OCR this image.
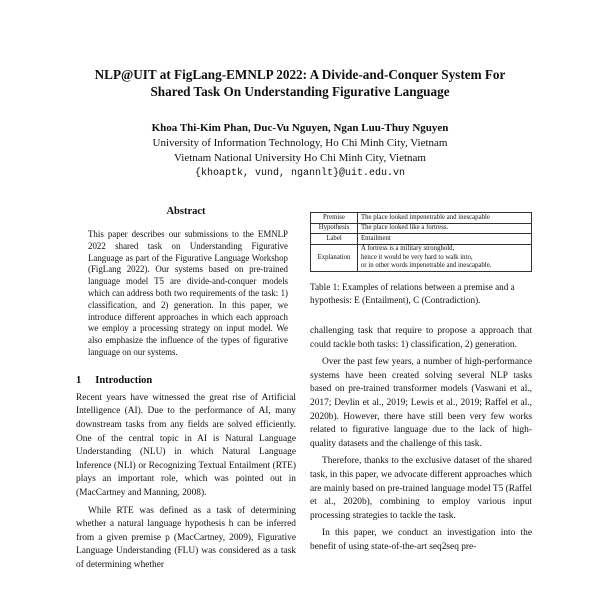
NLP@UIT at FigLang-EMNLP 2022: A Divide-and-Conquer System For
Shared Task On Understanding Figurative Language
Khoa Thi-Kim Phan, Duc-Vu Nguyen, Ngan Luu-Thuy Nguyen
University of Information Technology, Ho Chi Minh City, Vietnam
Vietnam National University Ho Chi Minh City, Vietnam
{khoaptk, vund, ngannlt}@uit.edu.vn
Abstract

This paper describes our submissions to the EMNLP 2022 shared task on Understanding Figurative Language as part of the Figurative Language Workshop (FigLang 2022). Our systems based on pre-trained language model T5 are divide-and-conquer models which can address both two requirements of the task: 1) classification, and 2) generation. In this paper, we introduce different approaches in which each approach we employ a processing strategy on input model. We also emphasize the influence of the types of figurative language on our systems.

1 Introduction

Recent years have witnessed the great rise of Artificial Intelligence (AI). Due to the performance of AI, many downstream tasks from any fields are solved efficiently. One of the central topic in AI is Natural Language Understanding (NLU) in which Natural Language Inference (NLI) or Recognizing Textual Entailment (RTE) plays an important role, which was pointed out in (MacCartney and Manning, 2008).

While RTE was defined as a task of determining whether a natural language hypothesis h can be inferred from a given premise p (MacCartney, 2009), Figurative Language Understanding (FLU) was considered as a task of determining whether

Premise	The place looked impenetrable and inescapable

Hypothesis	The place looked like a fortress.

Label	Entailment

Explanation	A fortress is a military stronghold,
hence it would be very hard to walk into,
or in other words impenetrable and inescapable.
Table 1: Examples of relations between a premise and a hypothesis: E (Entailment), C (Contradiction).

challenging task that require to propose a approach that could tackle both tasks: 1) classification, 2) generation.

Over the past few years, a number of high-performance systems have been created solving several NLP tasks based on pre-trained transformer models (Vaswani et al., 2017; Devlin et al., 2019; Lewis et al., 2019; Raffel et al., 2020b). However, there have still been very few works related to figurative language due to the lack of high-quality datasets and the challenge of this task.

Therefore, thanks to the exclusive dataset of the shared task, in this paper, we advocate different approaches which are mainly based on pre-trained language model T5 (Raffel et al., 2020b), combining to employ various input processing strategies to tackle the task.

In this paper, we conduct an investigation into the benefit of using state-of-the-art seq2seq pre-
